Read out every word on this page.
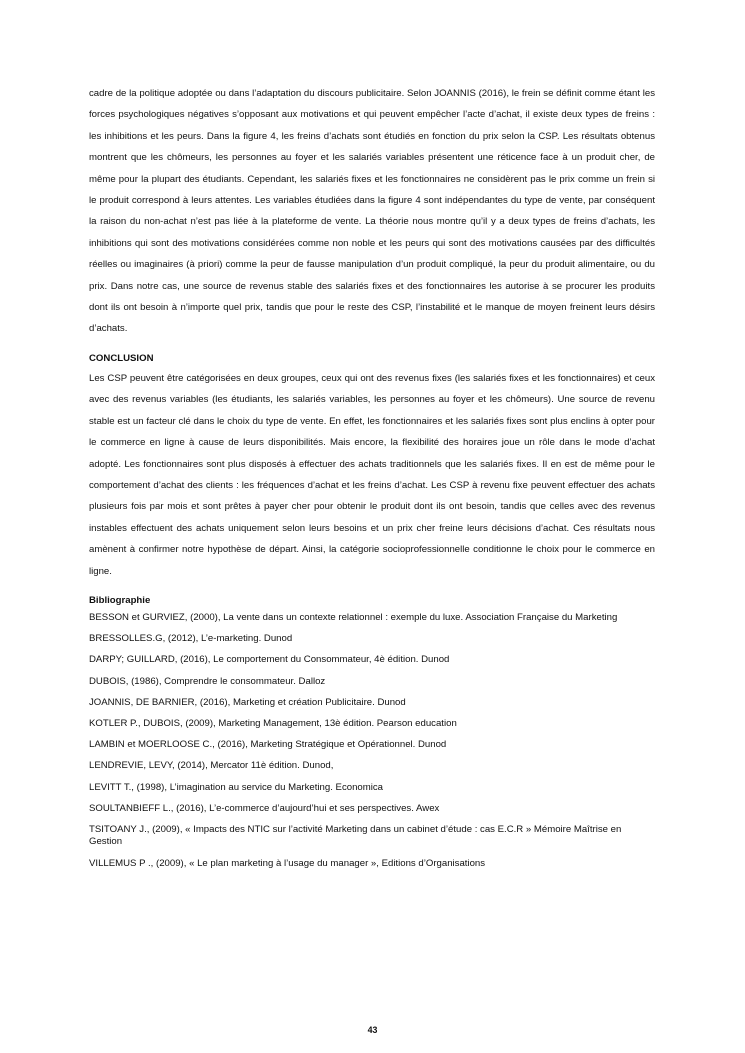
cadre de la politique adoptée ou dans l’adaptation du discours publicitaire. Selon JOANNIS (2016), le frein se définit comme étant les forces psychologiques négatives s’opposant aux motivations et qui peuvent empêcher l’acte d’achat, il existe deux types de freins : les inhibitions et les peurs. Dans la figure 4, les freins d’achats sont étudiés en fonction du prix selon la CSP. Les résultats obtenus montrent que les chômeurs, les personnes au foyer et les salariés variables présentent une réticence face à un produit cher, de même pour la plupart des étudiants. Cependant, les salariés fixes et les fonctionnaires ne considèrent pas le prix comme un frein si le produit correspond à leurs attentes. Les variables étudiées dans la figure 4 sont indépendantes du type de vente, par conséquent la raison du non-achat n’est pas liée à la plateforme de vente. La théorie nous montre qu’il y a deux types de freins d’achats, les inhibitions qui sont des motivations considérées comme non noble et les peurs qui sont des motivations causées par des difficultés réelles ou imaginaires (à priori) comme la peur de fausse manipulation d’un produit compliqué, la peur du produit alimentaire, ou du prix. Dans notre cas, une source de revenus stable des salariés fixes et des fonctionnaires les autorise à se procurer les produits dont ils ont besoin à n’importe quel prix, tandis que pour le reste des CSP, l’instabilité et le manque de moyen freinent leurs désirs d’achats.

CONCLUSION

Les CSP peuvent être catégorisées en deux groupes, ceux qui ont des revenus fixes (les salariés fixes et les fonctionnaires) et ceux avec des revenus variables (les étudiants, les salariés variables, les personnes au foyer et les chômeurs). Une source de revenu stable est un facteur clé dans le choix du type de vente. En effet, les fonctionnaires et les salariés fixes sont plus enclins à opter pour le commerce en ligne à cause de leurs disponibilités. Mais encore, la flexibilité des horaires joue un rôle dans le mode d’achat adopté. Les fonctionnaires sont plus disposés à effectuer des achats traditionnels que les salariés fixes. Il en est de même pour le comportement d’achat des clients : les fréquences d’achat et les freins d’achat. Les CSP à revenu fixe peuvent effectuer des achats plusieurs fois par mois et sont prêtes à payer cher pour obtenir le produit dont ils ont besoin, tandis que celles avec des revenus instables effectuent des achats uniquement selon leurs besoins et un prix cher freine leurs décisions d’achat. Ces résultats nous amènent à confirmer notre hypothèse de départ. Ainsi, la catégorie socioprofessionnelle conditionne le choix pour le commerce en ligne.

Bibliographie
BESSON et GURVIEZ, (2000), La vente dans un contexte relationnel : exemple du luxe. Association Française du Marketing
BRESSOLLES.G, (2012), L’e-marketing. Dunod
DARPY; GUILLARD, (2016), Le comportement du Consommateur, 4è édition. Dunod
DUBOIS, (1986), Comprendre le consommateur. Dalloz
JOANNIS, DE BARNIER, (2016), Marketing et création Publicitaire. Dunod
KOTLER P., DUBOIS, (2009), Marketing Management, 13è édition. Pearson education
LAMBIN et MOERLOOSE C., (2016), Marketing Stratégique et Opérationnel. Dunod
LENDREVIE, LEVY, (2014), Mercator 11è édition. Dunod,
LEVITT T., (1998), L’imagination au service du Marketing. Economica
SOULTANBIEFF L., (2016), L’e-commerce d’aujourd’hui et ses perspectives. Awex
TSITOANY J., (2009), « Impacts des NTIC sur l’activité Marketing dans un cabinet d’étude : cas E.C.R » Mémoire Maîtrise en Gestion
VILLEMUS P ., (2009), « Le plan marketing à l’usage du manager », Editions d’Organisations
43
